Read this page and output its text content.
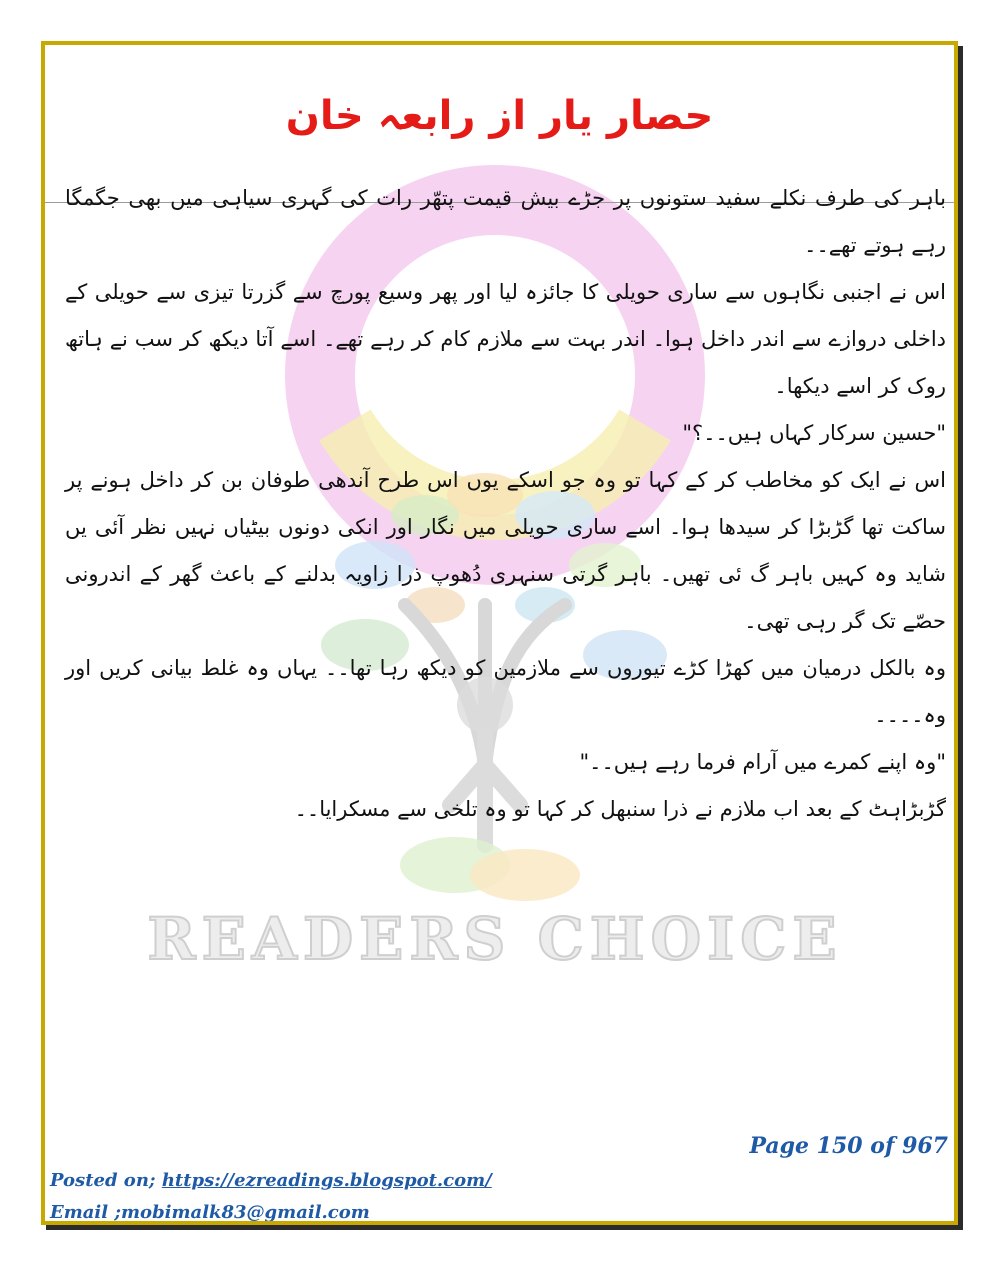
حصار یار از رابعہ خان
READERS CHOICE

باہر کی طرف نکلے سفید ستونوں پر جڑے بیش قیمت پتھّر رات کی گہری سیاہی میں بھی جگمگا رہے ہوتے تھے۔۔

اس نے اجنبی نگاہوں سے ساری حویلی کا جائزہ لیا اور پھر وسیع پورچ سے گزرتا تیزی سے حویلی کے داخلی دروازے سے اندر داخل ہوا۔ اندر بہت سے ملازم کام کر رہے تھے۔ اسے آتا دیکھ کر سب نے ہاتھ روک کر اسے دیکھا۔

"حسین سرکار کہاں ہیں۔۔؟"

اس نے ایک کو مخاطب کر کے کہا تو وہ جو اسکے یوں اس طرح آندھی طوفان بن کر داخل ہونے پر ساکت تھا گڑبڑا کر سیدھا ہوا۔ اسے ساری حویلی میں نگار اور انکی دونوں بیٹیاں نہیں نظر آئی یں شاید وہ کہیں باہر گ ئی تھیں۔ باہر گرتی سنہری دُھوپ ذرا زاویہ بدلنے کے باعث گھر کے اندرونی حصّے تک گر رہی تھی۔

وہ بالکل درمیان میں کھڑا کڑے تیوروں سے ملازمین کو دیکھ رہا تھا۔۔ یہاں وہ غلط بیانی کریں اور وہ۔۔۔۔

"وہ اپنے کمرے میں آرام فرما رہے ہیں۔۔"

گڑبڑاہٹ کے بعد اب ملازم نے ذرا سنبھل کر کہا تو وہ تلخی سے مسکرایا۔۔

Page 150 of 967
Posted on; https://ezreadings.blogspot.com/
Email ;mobimalk83@gmail.com
